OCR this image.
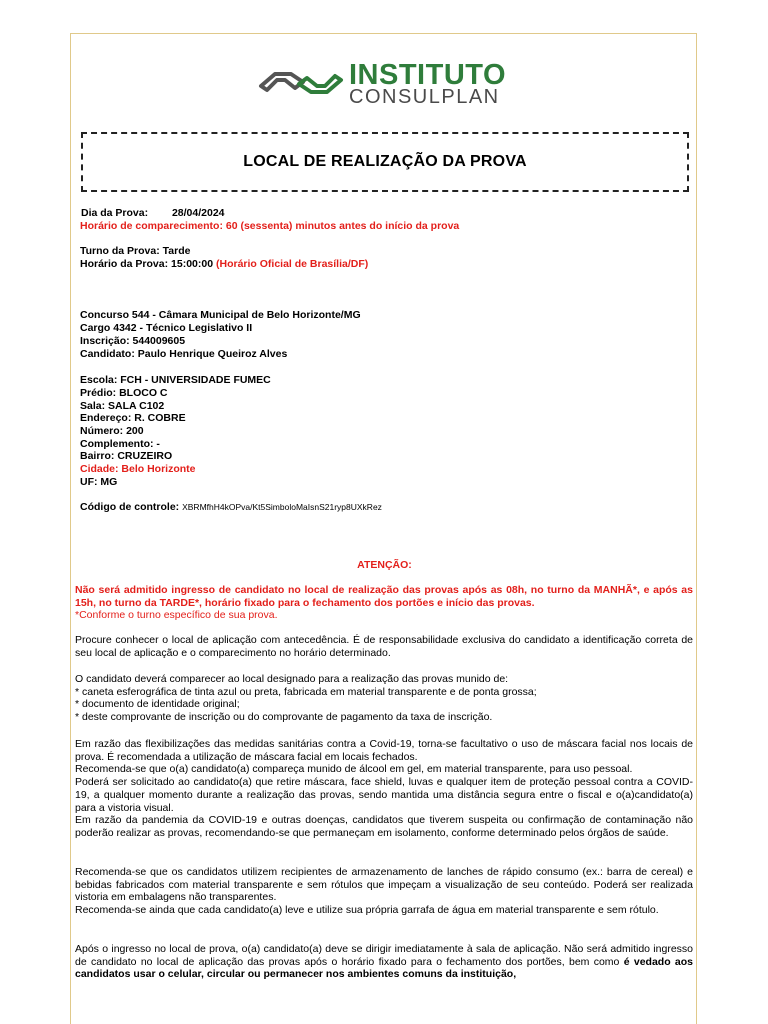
INSTITUTO
CONSULPLAN
LOCAL DE REALIZAÇÃO DA PROVA
Dia da Prova: 28/04/2024
Horário de comparecimento: 60 (sessenta) minutos antes do início da prova
Turno da Prova: Tarde
Horário da Prova: 15:00:00 (Horário Oficial de Brasília/DF)
Concurso 544 - Câmara Municipal de Belo Horizonte/MG
Cargo 4342 - Técnico Legislativo II
Inscrição: 544009605
Candidato: Paulo Henrique Queiroz Alves
Escola: FCH - UNIVERSIDADE FUMEC
Prédio: BLOCO C
Sala: SALA C102
Endereço: R. COBRE
Número: 200
Complemento: -
Bairro: CRUZEIRO
Cidade: Belo Horizonte
UF: MG
Código de controle: XBRMfhH4kOPva/Kt5SimboloMaIsnS21ryp8UXkRez
ATENÇÃO:

Não será admitido ingresso de candidato no local de realização das provas após as 08h, no turno da MANHÃ*, e após as 15h, no turno da TARDE*, horário fixado para o fechamento dos portões e início das provas.

*Conforme o turno específico de sua prova.

Procure conhecer o local de aplicação com antecedência. É de responsabilidade exclusiva do candidato a identificação correta de seu local de aplicação e o comparecimento no horário determinado.

O candidato deverá comparecer ao local designado para a realização das provas munido de:

* caneta esferográfica de tinta azul ou preta, fabricada em material transparente e de ponta grossa;

* documento de identidade original;

* deste comprovante de inscrição ou do comprovante de pagamento da taxa de inscrição.

Em razão das flexibilizações das medidas sanitárias contra a Covid-19, torna-se facultativo o uso de máscara facial nos locais de prova. É recomendada a utilização de máscara facial em locais fechados.

Recomenda-se que o(a) candidato(a) compareça munido de álcool em gel, em material transparente, para uso pessoal.

Poderá ser solicitado ao candidato(a) que retire máscara, face shield, luvas e qualquer item de proteção pessoal contra a COVID-19, a qualquer momento durante a realização das provas, sendo mantida uma distância segura entre o fiscal e o(a)candidato(a) para a vistoria visual.

Em razão da pandemia da COVID-19 e outras doenças, candidatos que tiverem suspeita ou confirmação de contaminação não poderão realizar as provas, recomendando-se que permaneçam em isolamento, conforme determinado pelos órgãos de saúde.

Recomenda-se que os candidatos utilizem recipientes de armazenamento de lanches de rápido consumo (ex.: barra de cereal) e bebidas fabricados com material transparente e sem rótulos que impeçam a visualização de seu conteúdo. Poderá ser realizada vistoria em embalagens não transparentes.

Recomenda-se ainda que cada candidato(a) leve e utilize sua própria garrafa de água em material transparente e sem rótulo.

Após o ingresso no local de prova, o(a) candidato(a) deve se dirigir imediatamente à sala de aplicação. Não será admitido ingresso de candidato no local de aplicação das provas após o horário fixado para o fechamento dos portões, bem como é vedado aos candidatos usar o celular, circular ou permanecer nos ambientes comuns da instituição,
